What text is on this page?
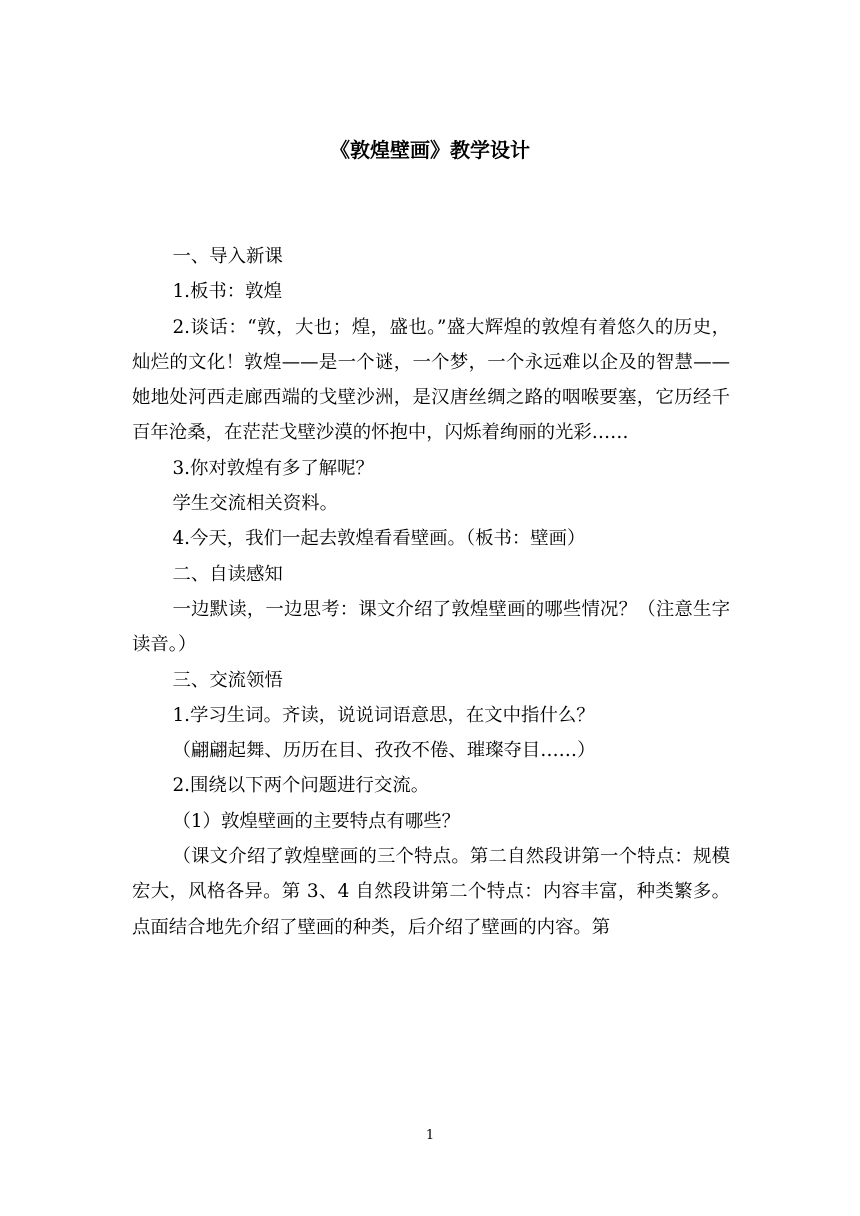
《敦煌壁画》教学设计

一、导入新课

1.板书：敦煌

2.谈话：“敦，大也；煌，盛也。”盛大辉煌的敦煌有着悠久的历史，灿烂的文化！敦煌——是一个谜，一个梦，一个永远难以企及的智慧——她地处河西走廊西端的戈壁沙洲，是汉唐丝绸之路的咽喉要塞，它历经千百年沧桑，在茫茫戈壁沙漠的怀抱中，闪烁着绚丽的光彩……

3.你对敦煌有多了解呢？

学生交流相关资料。

4.今天，我们一起去敦煌看看壁画。（板书：壁画）

二、自读感知

一边默读，一边思考：课文介绍了敦煌壁画的哪些情况？（注意生字读音。）

三、交流领悟

1.学习生词。齐读，说说词语意思，在文中指什么？

（翩翩起舞、历历在目、孜孜不倦、璀璨夺目……）

2.围绕以下两个问题进行交流。

（1）敦煌壁画的主要特点有哪些？

（课文介绍了敦煌壁画的三个特点。第二自然段讲第一个特点：规模宏大，风格各异。第 3、4 自然段讲第二个特点：内容丰富，种类繁多。点面结合地先介绍了壁画的种类，后介绍了壁画的内容。第

1
